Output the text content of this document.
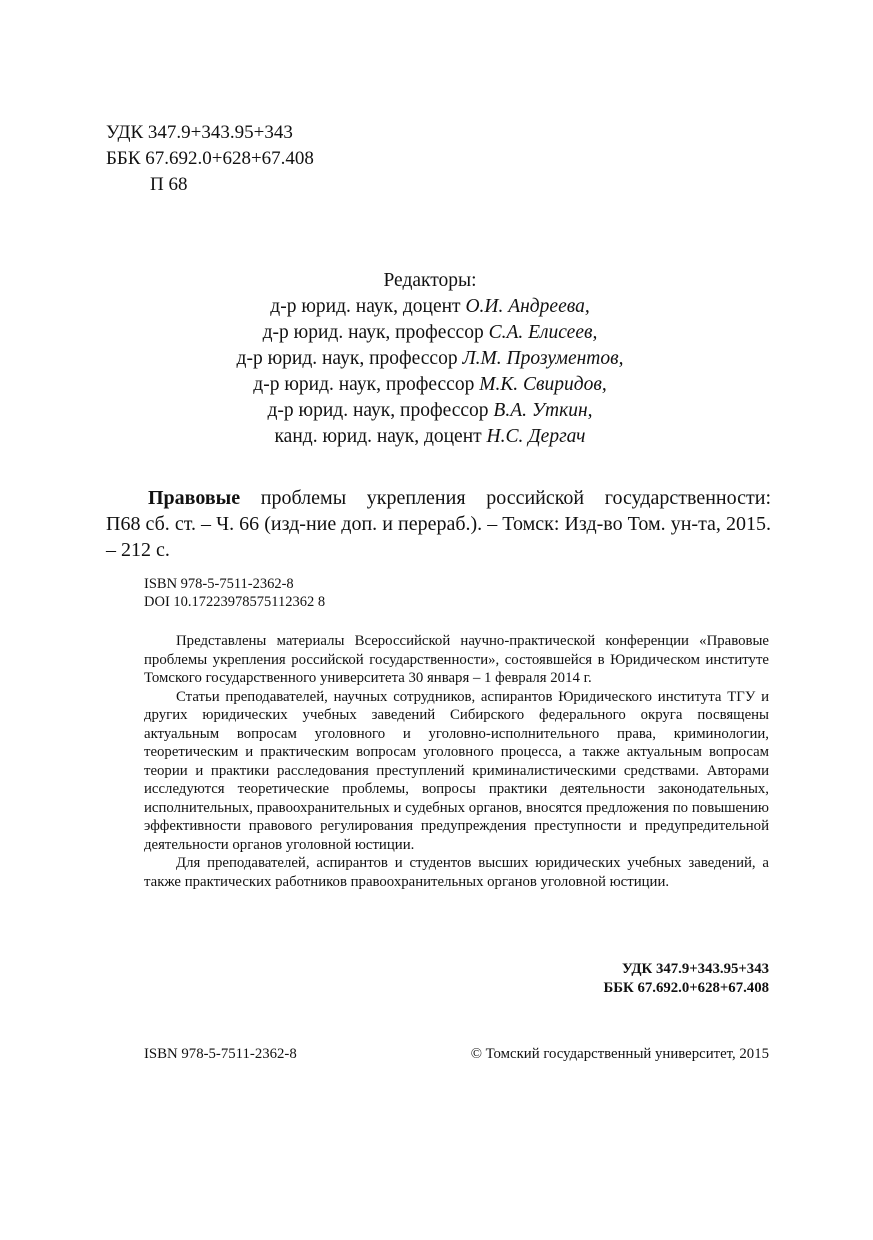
УДК 347.9+343.95+343
ББК 67.692.0+628+67.408
П 68
Редакторы:
д-р юрид. наук, доцент О.И. Андреева,
д-р юрид. наук, профессор С.А. Елисеев,
д-р юрид. наук, профессор Л.М. Прозументов,
д-р юрид. наук, профессор М.К. Свиридов,
д-р юрид. наук, профессор В.А. Уткин,
канд. юрид. наук, доцент Н.С. Дергач
Правовые проблемы укрепления российской государственности:
П68 сб. ст. – Ч. 66 (изд-ние доп. и перераб.). – Томск: Изд-во Том. ун-та, 2015. – 212 с.
ISBN 978-5-7511-2362-8
DOI 10.17223978575112362 8

Представлены материалы Всероссийской научно-практической конференции «Правовые проблемы укрепления российской государственности», состоявшейся в Юридическом институте Томского государственного университета 30 января – 1 февраля 2014 г.

Статьи преподавателей, научных сотрудников, аспирантов Юридического института ТГУ и других юридических учебных заведений Сибирского федерального округа посвящены актуальным вопросам уголовного и уголовно-исполнительного права, криминологии, теоретическим и практическим вопросам уголовного процесса, а также актуальным вопросам теории и практики расследования преступлений криминалистическими средствами. Авторами исследуются теоретические проблемы, вопросы практики деятельности законодательных, исполнительных, правоохранительных и судебных органов, вносятся предложения по повышению эффективности правового регулирования предупреждения преступности и предупредительной деятельности органов уголовной юстиции.

Для преподавателей, аспирантов и студентов высших юридических учебных заведений, а также практических работников правоохранительных органов уголовной юстиции.

УДК 347.9+343.95+343
ББК 67.692.0+628+67.408
ISBN 978-5-7511-2362-8	© Томский государственный университет, 2015
